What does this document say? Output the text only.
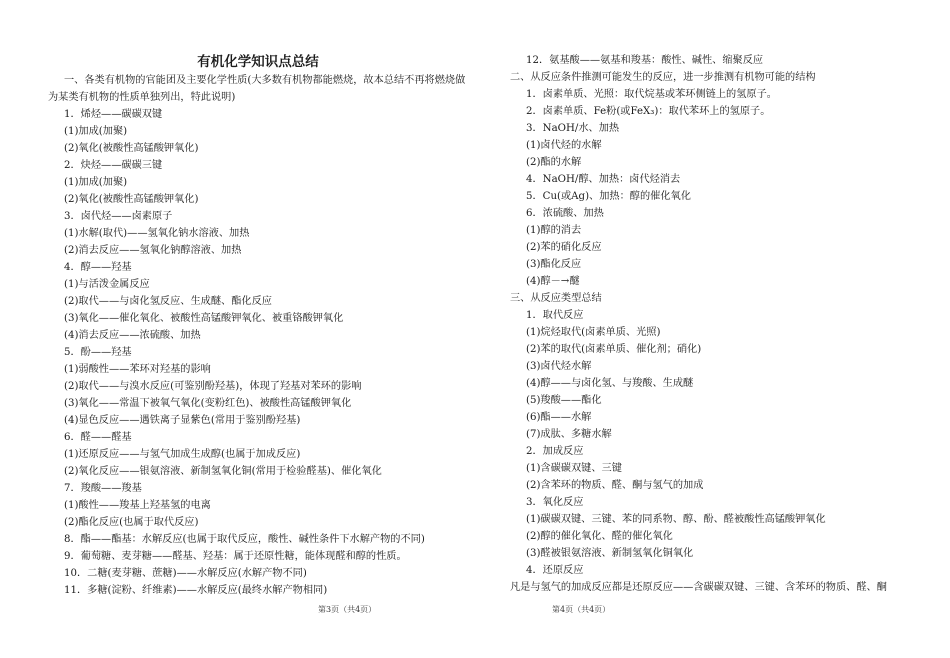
有机化学知识点总结
一、各类有机物的官能团及主要化学性质(大多数有机物都能燃烧，故本总结不再将燃烧做为某类有机物的性质单独列出，特此说明)
1．烯烃——碳碳双键
(1)加成(加聚)
(2)氧化(被酸性高锰酸钾氧化)
2．炔烃——碳碳三键
(1)加成(加聚)
(2)氧化(被酸性高锰酸钾氧化)
3．卤代烃——卤素原子
(1)水解(取代)——氢氧化钠水溶液、加热
(2)消去反应——氢氧化钠醇溶液、加热
4．醇——羟基
(1)与活泼金属反应
(2)取代——与卤化氢反应、生成醚、酯化反应
(3)氧化——催化氧化、被酸性高锰酸钾氧化、被重铬酸钾氧化
(4)消去反应——浓硫酸、加热
5．酚——羟基
(1)弱酸性——苯环对羟基的影响
(2)取代——与溴水反应(可鉴别酚羟基)，体现了羟基对苯环的影响
(3)氧化——常温下被氧气氧化(变粉红色)、被酸性高锰酸钾氧化
(4)显色反应——遇铁离子显紫色(常用于鉴别酚羟基)
6．醛——醛基
(1)还原反应——与氢气加成生成醇(也属于加成反应)
(2)氧化反应——银氨溶液、新制氢氧化铜(常用于检验醛基)、催化氧化
7．羧酸——羧基
(1)酸性——羧基上羟基氢的电离
(2)酯化反应(也属于取代反应)
8．酯——酯基：水解反应(也属于取代反应，酸性、碱性条件下水解产物的不同)
9．葡萄糖、麦芽糖——醛基、羟基：属于还原性糖，能体现醛和醇的性质。
10．二糖(麦芽糖、蔗糖)——水解反应(水解产物不同)
11．多糖(淀粉、纤维素)——水解反应(最终水解产物相同)
12．氨基酸——氨基和羧基：酸性、碱性、缩聚反应
二、从反应条件推测可能发生的反应，进一步推测有机物可能的结构
1．卤素单质、光照：取代烷基或苯环侧链上的氢原子。
2．卤素单质、Fe粉(或FeX₃)：取代苯环上的氢原子。
3．NaOH/水、加热
(1)卤代烃的水解
(2)酯的水解
4．NaOH/醇、加热：卤代烃消去
5．Cu(或Ag)、加热：醇的催化氧化
6．浓硫酸、加热
(1)醇的消去
(2)苯的硝化反应
(3)酯化反应
(4)醇－→醚
三、从反应类型总结
1．取代反应
(1)烷烃取代(卤素单质、光照)
(2)苯的取代(卤素单质、催化剂；硝化)
(3)卤代烃水解
(4)醇——与卤化氢、与羧酸、生成醚
(5)羧酸——酯化
(6)酯——水解
(7)成肽、多糖水解
2．加成反应
(1)含碳碳双键、三键
(2)含苯环的物质、醛、酮与氢气的加成
3．氧化反应
(1)碳碳双键、三键、苯的同系物、醇、酚、醛被酸性高锰酸钾氧化
(2)醇的催化氧化、醛的催化氧化
(3)醛被银氨溶液、新制氢氧化铜氧化
4．还原反应
凡是与氢气的加成反应都是还原反应——含碳碳双键、三键、含苯环的物质、醛、酮
第3页（共4页）	第4页（共4页）
